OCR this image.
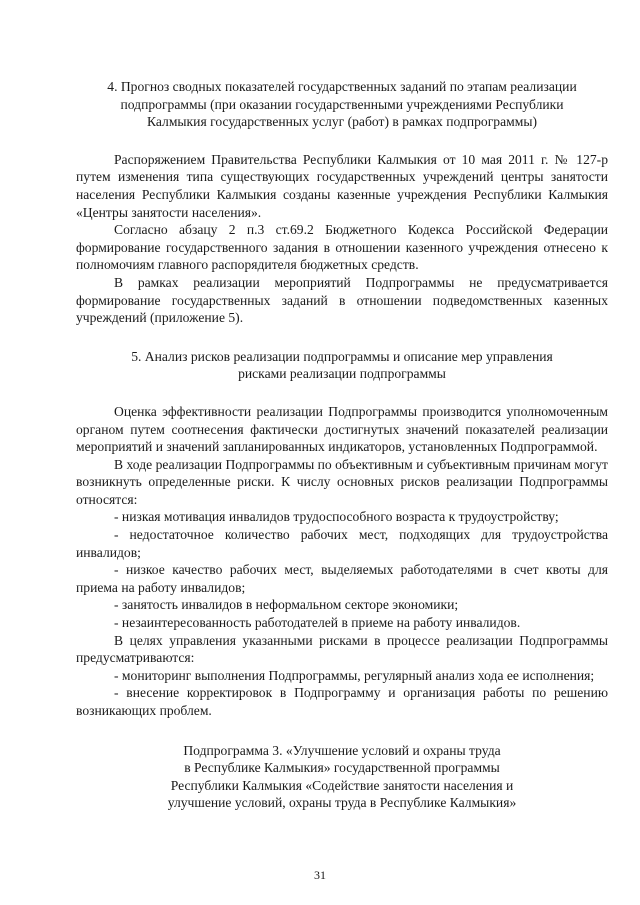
4. Прогноз сводных показателей государственных заданий по этапам реализации
подпрограммы (при оказании государственными учреждениями Республики
Калмыкия государственных услуг (работ) в рамках подпрограммы)

Распоряжением Правительства Республики Калмыкия от 10 мая 2011 г. № 127-р путем изменения типа существующих государственных учреждений центры занятости населения Республики Калмыкия созданы казенные учреждения Республики Калмыкия «Центры занятости населения».

Согласно абзацу 2 п.3 ст.69.2 Бюджетного Кодекса Российской Федерации формирование государственного задания в отношении казенного учреждения отнесено к полномочиям главного распорядителя бюджетных средств.

В рамках реализации мероприятий Подпрограммы не предусматривается формирование государственных заданий в отношении подведомственных казенных учреждений (приложение 5).

5. Анализ рисков реализации подпрограммы и описание мер управления
рисками реализации подпрограммы

Оценка эффективности реализации Подпрограммы производится уполномоченным органом путем соотнесения фактически достигнутых значений показателей реализации мероприятий и значений запланированных индикаторов, установленных Подпрограммой.

В ходе реализации Подпрограммы по объективным и субъективным причинам могут возникнуть определенные риски. К числу основных рисков реализации Подпрограммы относятся:

- низкая мотивация инвалидов трудоспособного возраста к трудоустройству;

- недостаточное количество рабочих мест, подходящих для трудоустройства инвалидов;

- низкое качество рабочих мест, выделяемых работодателями в счет квоты для приема на работу инвалидов;

- занятость инвалидов в неформальном секторе экономики;

- незаинтересованность работодателей в приеме на работу инвалидов.

В целях управления указанными рисками в процессе реализации Подпрограммы предусматриваются:

- мониторинг выполнения Подпрограммы, регулярный анализ хода ее исполнения;

- внесение корректировок в Подпрограмму и организация работы по решению возникающих проблем.

Подпрограмма 3. «Улучшение условий и охраны труда
в Республике Калмыкия» государственной программы
Республики Калмыкия «Содействие занятости населения и
улучшение условий, охраны труда в Республике Калмыкия»
31
